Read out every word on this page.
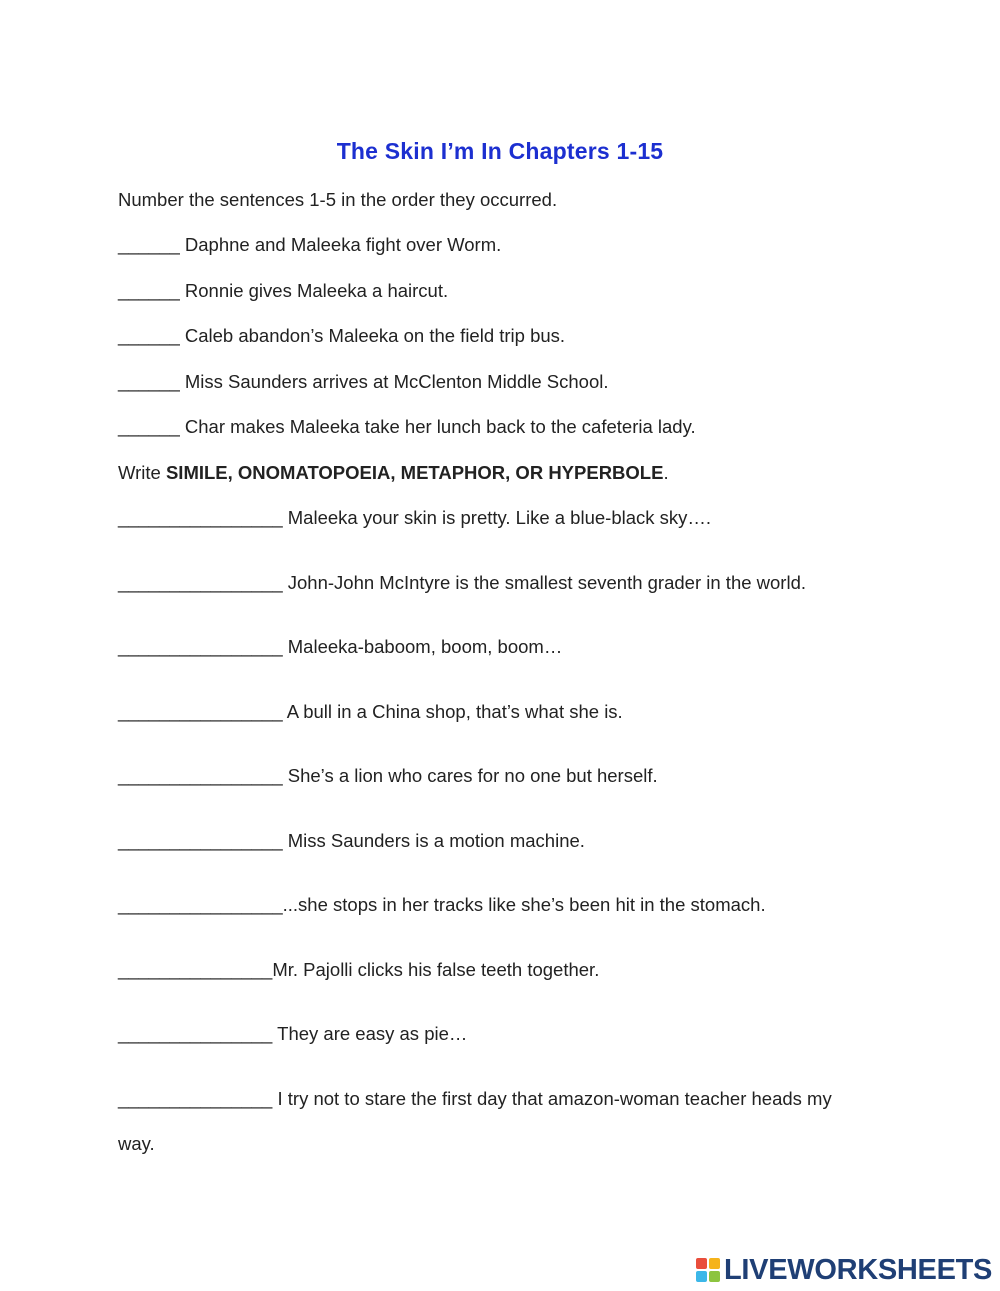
The Skin I’m In Chapters 1-15
Number the sentences 1-5 in the order they occurred.
______ Daphne and Maleeka fight over Worm.
______ Ronnie gives Maleeka a haircut.
______ Caleb abandon’s Maleeka on the field trip bus.
______ Miss Saunders arrives at McClenton Middle School.
______ Char makes Maleeka take her lunch back to the cafeteria lady.
Write SIMILE, ONOMATOPOEIA, METAPHOR, OR HYPERBOLE.
________________ Maleeka your skin is pretty. Like a blue-black sky….
________________ John-John McIntyre is the smallest seventh grader in the world.
________________ Maleeka-baboom, boom, boom…
________________ A bull in a China shop, that’s what she is.
________________ She’s a lion who cares for no one but herself.
________________ Miss Saunders is a motion machine.
________________...she stops in her tracks like she’s been hit in the stomach.
_______________Mr. Pajolli clicks his false teeth together.
_______________ They are easy as pie…
_______________ I try not to stare the first day that amazon-woman teacher heads my
way.
LIVEWORKSHEETS
